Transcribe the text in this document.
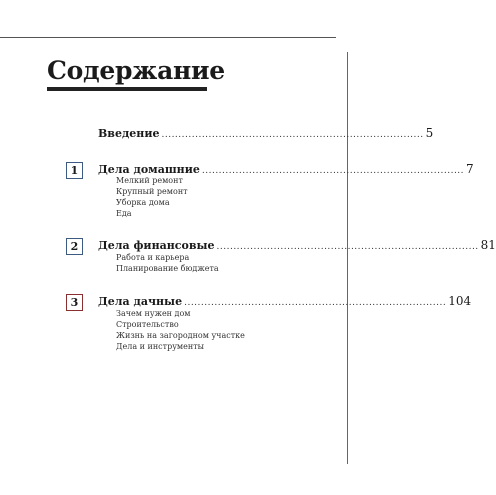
Содержание
Введение .............................................................................. 5
1	Дела домашние .............................................................................. 7
Мелкий ремонт
Крупный ремонт
Уборка дома
Еда
2	Дела финансовые .............................................................................. 81
Работа и карьера
Планирование бюджета
3	Дела дачные .............................................................................. 104
Зачем нужен дом
Строительство
Жизнь на загородном участке
Дела и инструменты
